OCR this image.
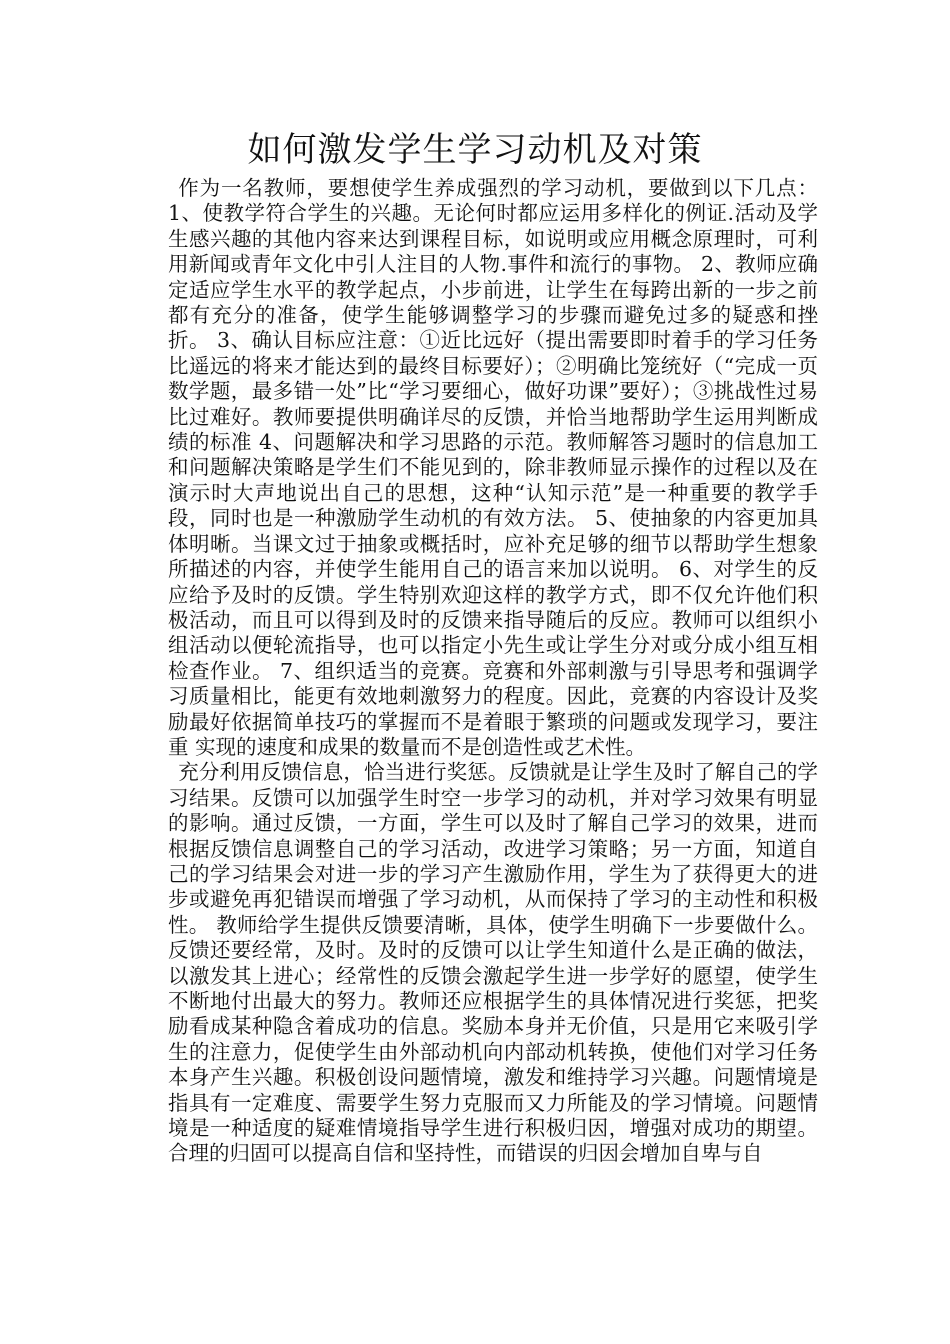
如何激发学生学习动机及对策

作为一名教师，要想使学生养成强烈的学习动机，要做到以下几点： 1、使教学符合学生的兴趣。无论何时都应运用多样化的例证.活动及学生感兴趣的其他内容来达到课程目标，如说明或应用概念原理时，可利用新闻或青年文化中引人注目的人物.事件和流行的事物。 2、教师应确定适应学生水平的教学起点，小步前进，让学生在每跨出新的一步之前都有充分的准备，使学生能够调整学习的步骤而避免过多的疑惑和挫折。 3、确认目标应注意：①近比远好（提出需要即时着手的学习任务比遥远的将来才能达到的最终目标要好）；②明确比笼统好（“完成一页数学题，最多错一处”比“学习要细心，做好功课”要好）；③挑战性过易比过难好。教师要提供明确详尽的反馈，并恰当地帮助学生运用判断成绩的标准 4、问题解决和学习思路的示范。教师解答习题时的信息加工和问题解决策略是学生们不能见到的，除非教师显示操作的过程以及在演示时大声地说出自己的思想，这种“认知示范”是一种重要的教学手段，同时也是一种激励学生动机的有效方法。 5、使抽象的内容更加具体明晰。当课文过于抽象或概括时，应补充足够的细节以帮助学生想象所描述的内容，并使学生能用自己的语言来加以说明。 6、对学生的反应给予及时的反馈。学生特别欢迎这样的教学方式，即不仅允许他们积极活动，而且可以得到及时的反馈来指导随后的反应。教师可以组织小组活动以便轮流指导，也可以指定小先生或让学生分对或分成小组互相检查作业。 7、组织适当的竞赛。竞赛和外部刺激与引导思考和强调学习质量相比，能更有效地刺激努力的程度。因此，竞赛的内容设计及奖励最好依据简单技巧的掌握而不是着眼于繁琐的问题或发现学习，要注重 实现的速度和成果的数量而不是创造性或艺术性。

充分利用反馈信息，恰当进行奖惩。反馈就是让学生及时了解自己的学习结果。反馈可以加强学生时空一步学习的动机，并对学习效果有明显的影响。通过反馈，一方面，学生可以及时了解自己学习的效果，进而根据反馈信息调整自己的学习活动，改进学习策略；另一方面，知道自己的学习结果会对进一步的学习产生激励作用，学生为了获得更大的进步或避免再犯错误而增强了学习动机，从而保持了学习的主动性和积极性。 教师给学生提供反馈要清晰，具体，使学生明确下一步要做什么。反馈还要经常，及时。及时的反馈可以让学生知道什么是正确的做法，以激发其上进心；经常性的反馈会激起学生进一步学好的愿望，使学生不断地付出最大的努力。教师还应根据学生的具体情况进行奖惩，把奖励看成某种隐含着成功的信息。奖励本身并无价值，只是用它来吸引学生的注意力，促使学生由外部动机向内部动机转换，使他们对学习任务本身产生兴趣。积极创设问题情境，激发和维持学习兴趣。问题情境是指具有一定难度、需要学生努力克服而又力所能及的学习情境。问题情境是一种适度的疑难情境指导学生进行积极归因，增强对成功的期望。合理的归固可以提高自信和坚持性，而错误的归因会增加自卑与自
